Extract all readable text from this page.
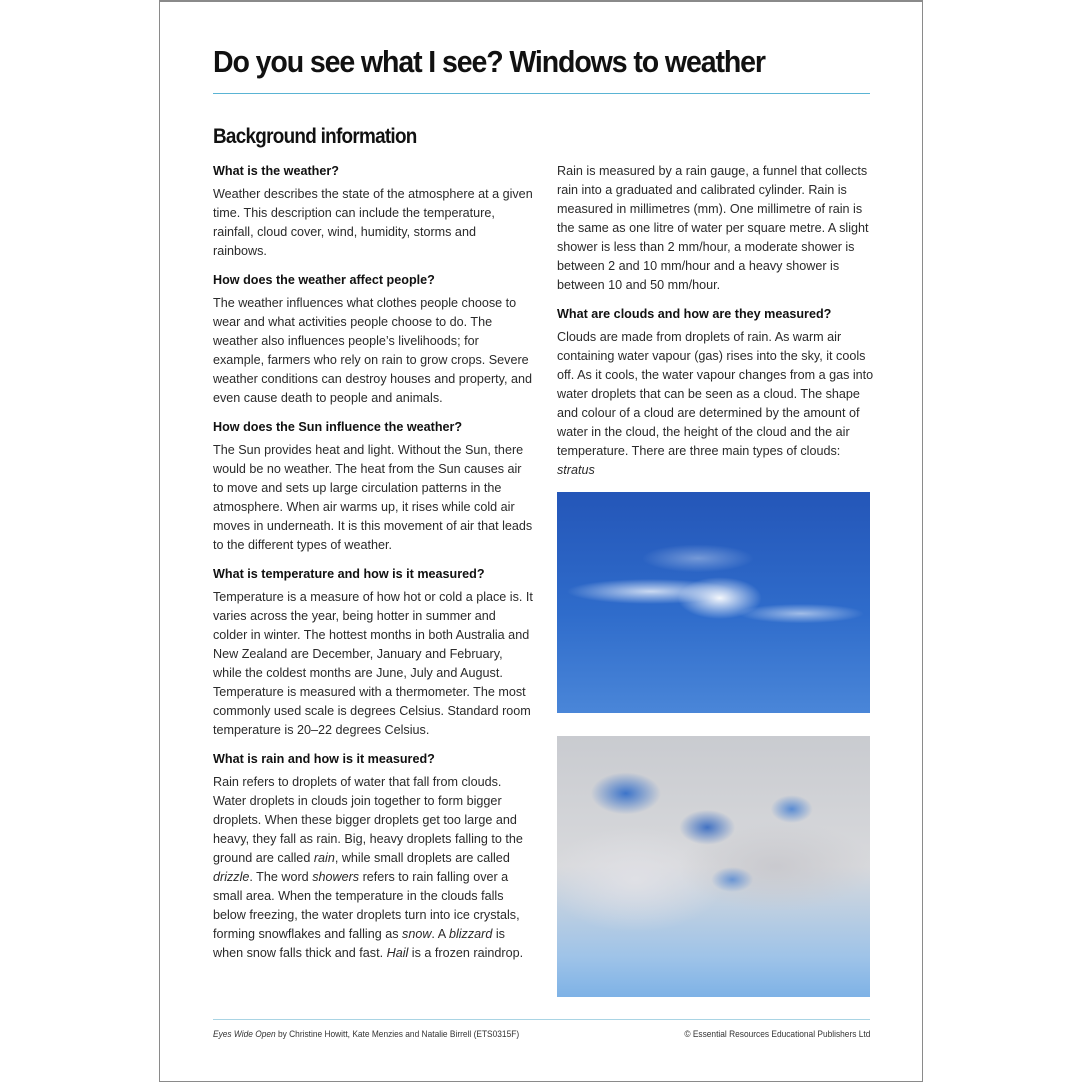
Do you see what I see? Windows to weather
Background information
What is the weather?

Weather describes the state of the atmosphere at a given time. This description can include the temperature, rainfall, cloud cover, wind, humidity, storms and rainbows.

How does the weather affect people?

The weather influences what clothes people choose to wear and what activities people choose to do. The weather also influences people’s livelihoods; for example, farmers who rely on rain to grow crops. Severe weather conditions can destroy houses and property, and even cause death to people and animals.

How does the Sun influence the weather?

The Sun provides heat and light. Without the Sun, there would be no weather. The heat from the Sun causes air to move and sets up large circulation patterns in the atmosphere. When air warms up, it rises while cold air moves in underneath. It is this movement of air that leads to the different types of weather.

What is temperature and how is it measured?

Temperature is a measure of how hot or cold a place is. It varies across the year, being hotter in summer and colder in winter. The hottest months in both Australia and New Zealand are December, January and February, while the coldest months are June, July and August. Temperature is measured with a thermometer. The most commonly used scale is degrees Celsius. Standard room temperature is 20–22 degrees Celsius.

What is rain and how is it measured?

Rain refers to droplets of water that fall from clouds. Water droplets in clouds join together to form bigger droplets. When these bigger droplets get too large and heavy, they fall as rain. Big, heavy droplets falling to the ground are called rain, while small droplets are called drizzle. The word showers refers to rain falling over a small area. When the temperature in the clouds falls below freezing, the water droplets turn into ice crystals, forming snowflakes and falling as snow. A blizzard is when snow falls thick and fast. Hail is a frozen raindrop.

Rain is measured by a rain gauge, a funnel that collects rain into a graduated and calibrated cylinder. Rain is measured in millimetres (mm). One millimetre of rain is the same as one litre of water per square metre. A slight shower is less than 2 mm/hour, a moderate shower is between 2 and 10 mm/hour and a heavy shower is between 10 and 50 mm/hour.

What are clouds and how are they measured?

Clouds are made from droplets of rain. As warm air containing water vapour (gas) rises into the sky, it cools off. As it cools, the water vapour changes from a gas into water droplets that can be seen as a cloud. The shape and colour of a cloud are determined by the amount of water in the cloud, the height of the cloud and the air temperature. There are three main types of clouds: stratus

Eyes Wide Open by Christine Howitt, Kate Menzies and Natalie Birrell (ETS0315F)	© Essential Resources Educational Publishers Ltd
